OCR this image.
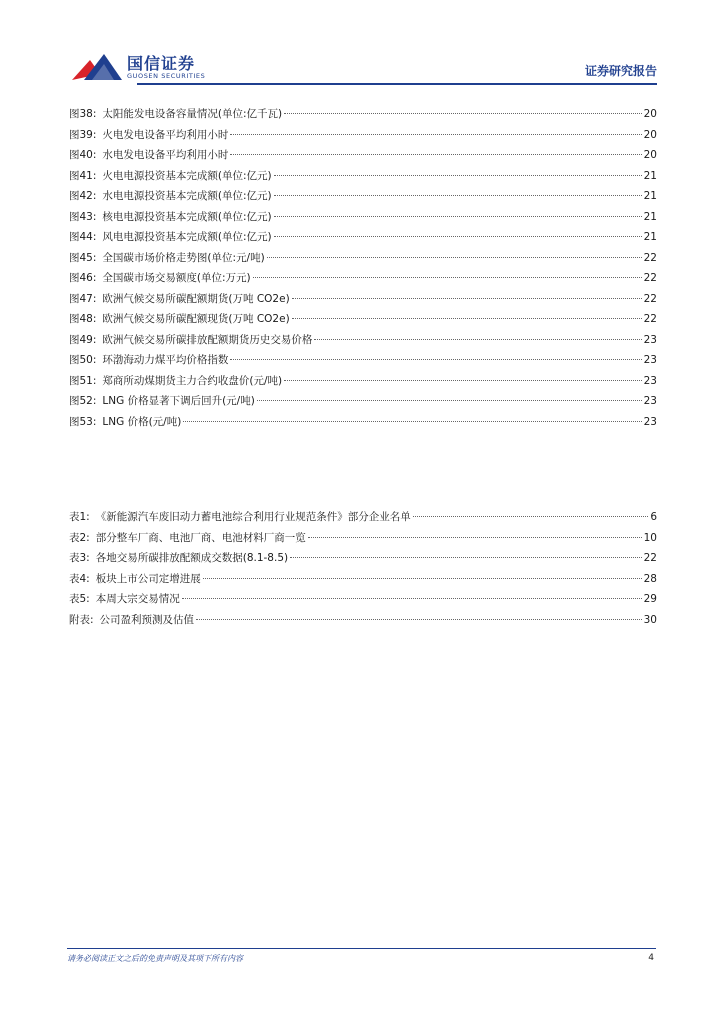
国信证券
GUOSEN SECURITIES	证券研究报告
图38: 太阳能发电设备容量情况(单位:亿千瓦)	20
图39: 火电发电设备平均利用小时	20
图40: 水电发电设备平均利用小时	20
图41: 火电电源投资基本完成额(单位:亿元)	21
图42: 水电电源投资基本完成额(单位:亿元)	21
图43: 核电电源投资基本完成额(单位:亿元)	21
图44: 风电电源投资基本完成额(单位:亿元)	21
图45: 全国碳市场价格走势图(单位:元/吨)	22
图46: 全国碳市场交易额度(单位:万元)	22
图47: 欧洲气候交易所碳配额期货(万吨 CO2e)	22
图48: 欧洲气候交易所碳配额现货(万吨 CO2e)	22
图49: 欧洲气候交易所碳排放配额期货历史交易价格	23
图50: 环渤海动力煤平均价格指数	23
图51: 郑商所动煤期货主力合约收盘价(元/吨)	23
图52: LNG 价格显著下调后回升(元/吨)	23
图53: LNG 价格(元/吨)	23
表1: 《新能源汽车废旧动力蓄电池综合利用行业规范条件》部分企业名单	6
表2: 部分整车厂商、电池厂商、电池材料厂商一览	10
表3: 各地交易所碳排放配额成交数据(8.1-8.5)	22
表4: 板块上市公司定增进展	28
表5: 本周大宗交易情况	29
附表: 公司盈利预测及估值	30
请务必阅读正文之后的免责声明及其项下所有内容	4
